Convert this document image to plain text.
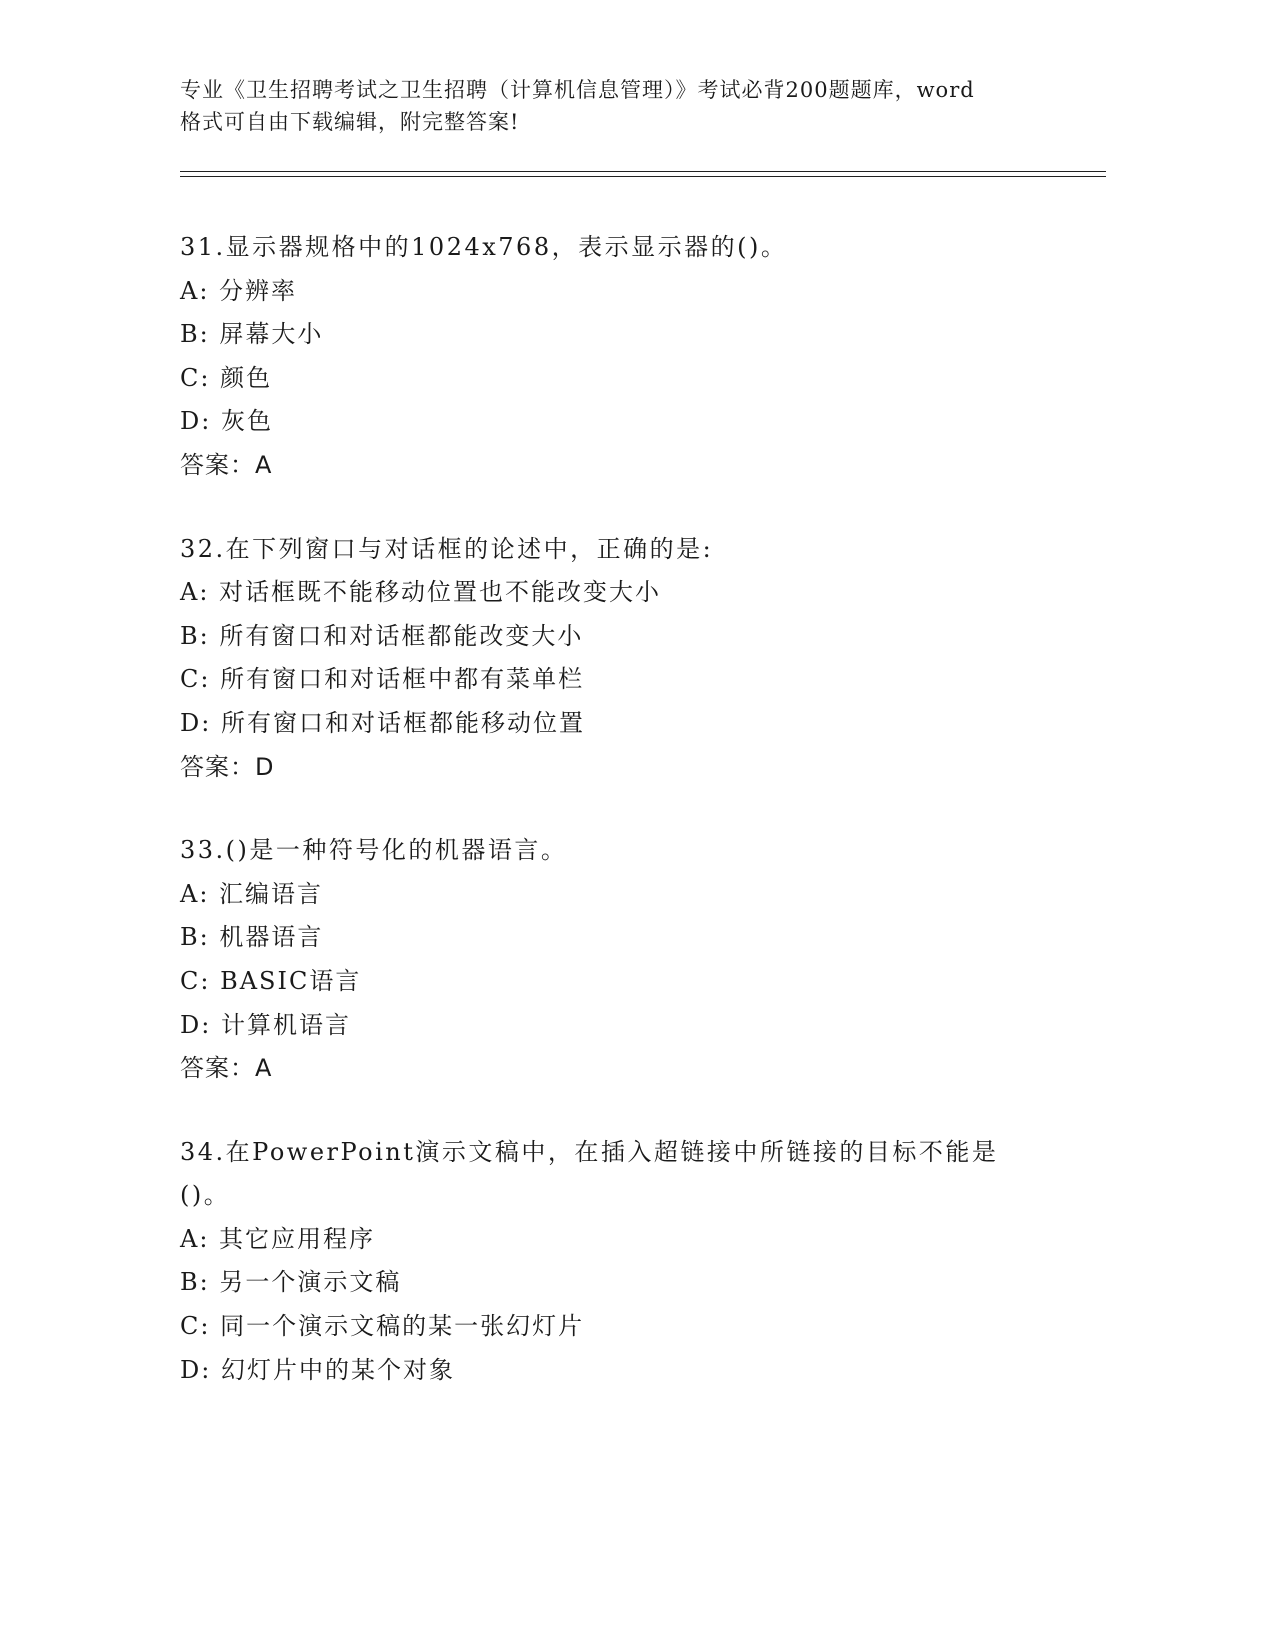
专业《卫生招聘考试之卫生招聘（计算机信息管理）》考试必背200题题库，word
格式可自由下载编辑，附完整答案!
31.显示器规格中的1024x768，表示显示器的()。
A: 分辨率
B: 屏幕大小
C: 颜色
D: 灰色
答案：A
32.在下列窗口与对话框的论述中，正确的是:
A: 对话框既不能移动位置也不能改变大小
B: 所有窗口和对话框都能改变大小
C: 所有窗口和对话框中都有菜单栏
D: 所有窗口和对话框都能移动位置
答案：D
33.()是一种符号化的机器语言。
A: 汇编语言
B: 机器语言
C: BASIC语言
D: 计算机语言
答案：A
34.在PowerPoint演示文稿中，在插入超链接中所链接的目标不能是
()。
A: 其它应用程序
B: 另一个演示文稿
C: 同一个演示文稿的某一张幻灯片
D: 幻灯片中的某个对象
